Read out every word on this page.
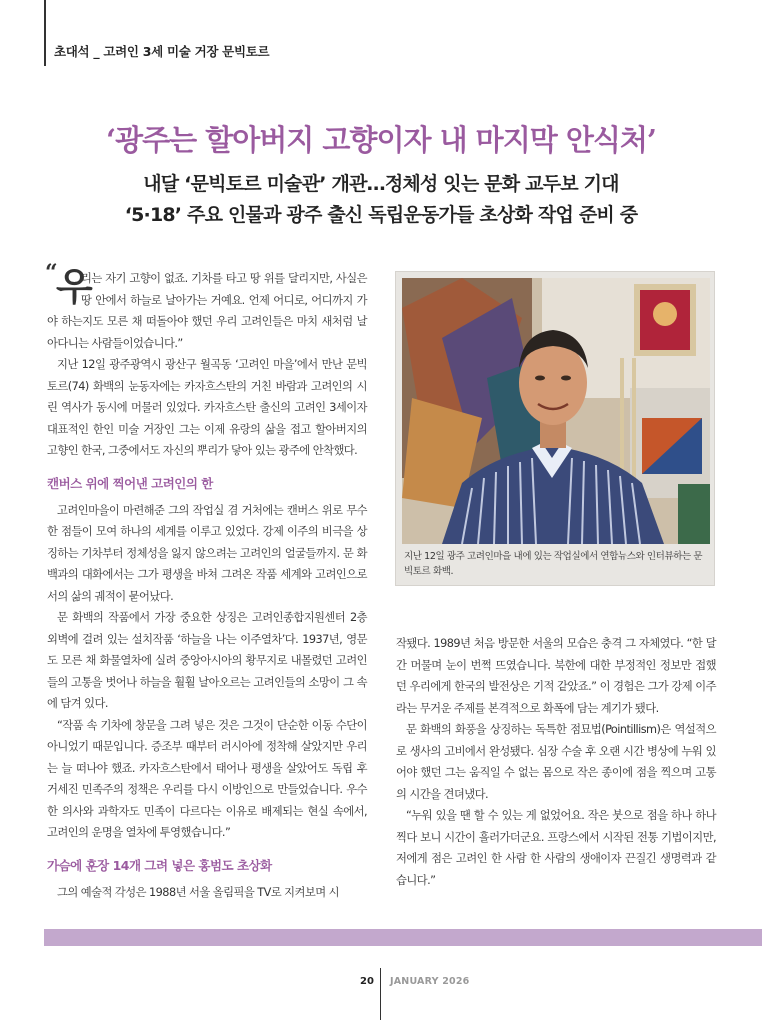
초대석 _ 고려인 3세 미술 거장 문빅토르
‘광주는 할아버지 고향이자 내 마지막 안식처’
내달 ‘문빅토르 미술관’ 개관…정체성 잇는 문화 교두보 기대
‘5·18’ 주요 인물과 광주 출신 독립운동가들 초상화 작업 준비 중

“
우
리는 자기 고향이 없죠. 기차를 타고 땅 위를 달리지만, 사실은 땅 안에서 하늘로 날아가는 거예요. 언제 어디로, 어디까지 가야 하는지도 모른 채 떠돌아야 했던 우리 고려인들은 마치 새처럼 날아다니는 사람들이었습니다.”

지난 12일 광주광역시 광산구 월곡동 ‘고려인 마을’에서 만난 문빅토르(74) 화백의 눈동자에는 카자흐스탄의 거친 바람과 고려인의 시린 역사가 동시에 머물러 있었다. 카자흐스탄 출신의 고려인 3세이자 대표적인 한인 미술 거장인 그는 이제 유랑의 삶을 접고 할아버지의 고향인 한국, 그중에서도 자신의 뿌리가 닿아 있는 광주에 안착했다.

캔버스 위에 찍어낸 고려인의 한

고려인마을이 마련해준 그의 작업실 겸 거처에는 캔버스 위로 무수한 점들이 모여 하나의 세계를 이루고 있었다. 강제 이주의 비극을 상징하는 기차부터 정체성을 잃지 않으려는 고려인의 얼굴들까지. 문 화백과의 대화에서는 그가 평생을 바쳐 그려온 작품 세계와 고려인으로서의 삶의 궤적이 묻어났다.

문 화백의 작품에서 가장 중요한 상징은 고려인종합지원센터 2층 외벽에 걸려 있는 설치작품 ‘하늘을 나는 이주열차’다. 1937년, 영문도 모른 채 화물열차에 실려 중앙아시아의 황무지로 내몰렸던 고려인들의 고통을 벗어나 하늘을 훨훨 날아오르는 고려인들의 소망이 그 속에 담겨 있다.

“작품 속 기차에 창문을 그려 넣은 것은 그것이 단순한 이동 수단이 아니었기 때문입니다. 증조부 때부터 러시아에 정착해 살았지만 우리는 늘 떠나야 했죠. 카자흐스탄에서 태어나 평생을 살았어도 독립 후 거세진 민족주의 정책은 우리를 다시 이방인으로 만들었습니다. 우수한 의사와 과학자도 민족이 다르다는 이유로 배제되는 현실 속에서, 고려인의 운명을 열차에 투영했습니다.”

가슴에 훈장 14개 그려 넣은 홍범도 초상화

그의 예술적 각성은 1988년 서울 올림픽을 TV로 지켜보며 시

지난 12일 광주 고려인마을 내에 있는 작업실에서 연합뉴스와 인터뷰하는 문빅토르 화백.

작됐다. 1989년 처음 방문한 서울의 모습은 충격 그 자체였다. “한 달간 머물며 눈이 번쩍 뜨였습니다. 북한에 대한 부정적인 정보만 접했던 우리에게 한국의 발전상은 기적 같았죠.” 이 경험은 그가 강제 이주라는 무거운 주제를 본격적으로 화폭에 담는 계기가 됐다.

문 화백의 화풍을 상징하는 독특한 점묘법(Pointillism)은 역설적으로 생사의 고비에서 완성됐다. 심장 수술 후 오랜 시간 병상에 누워 있어야 했던 그는 움직일 수 없는 몸으로 작은 종이에 점을 찍으며 고통의 시간을 견뎌냈다.

“누워 있을 땐 할 수 있는 게 없었어요. 작은 붓으로 점을 하나 하나 찍다 보니 시간이 흘러가더군요. 프랑스에서 시작된 전통 기법이지만, 저에게 점은 고려인 한 사람 한 사람의 생애이자 끈질긴 생명력과 같습니다.”

20 JANUARY 2026
